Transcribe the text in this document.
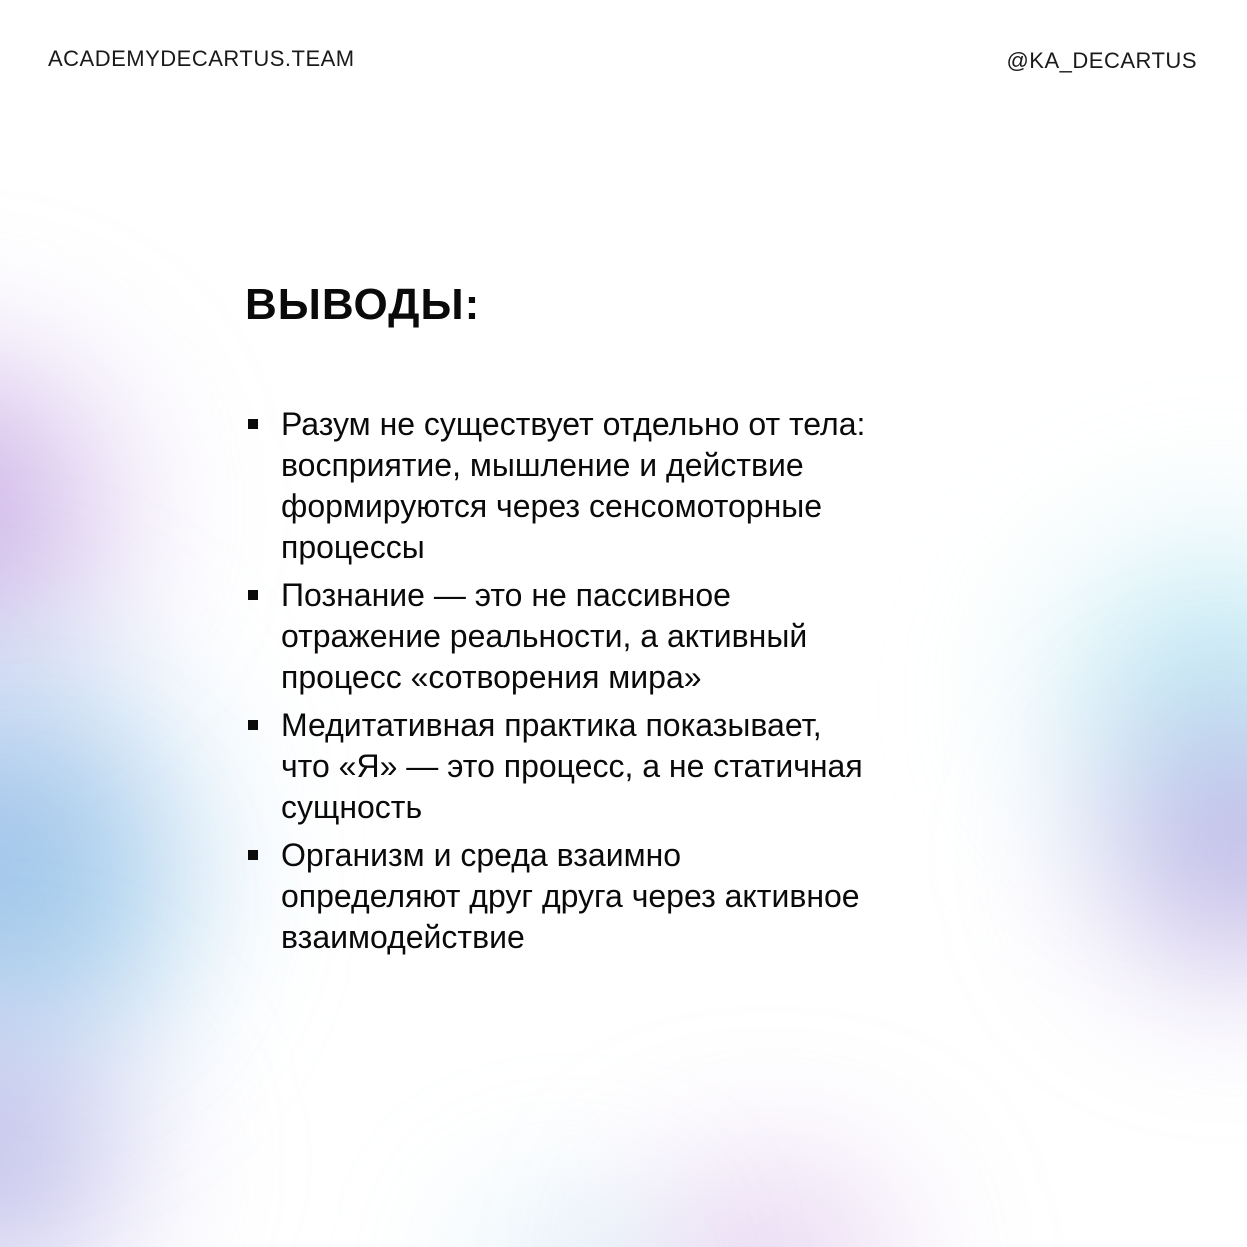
ACADEMYDECARTUS.TEAM	@KA_DECARTUS
ВЫВОДЫ:
Разум не существует отдельно от тела:
восприятие, мышление и действие
формируются через сенсомоторные
процессы
Познание — это не пассивное
отражение реальности, а активный
процесс «сотворения мира»
Медитативная практика показывает,
что «Я» — это процесс, а не статичная
сущность
Организм и среда взаимно
определяют друг друга через активное
взаимодействие
